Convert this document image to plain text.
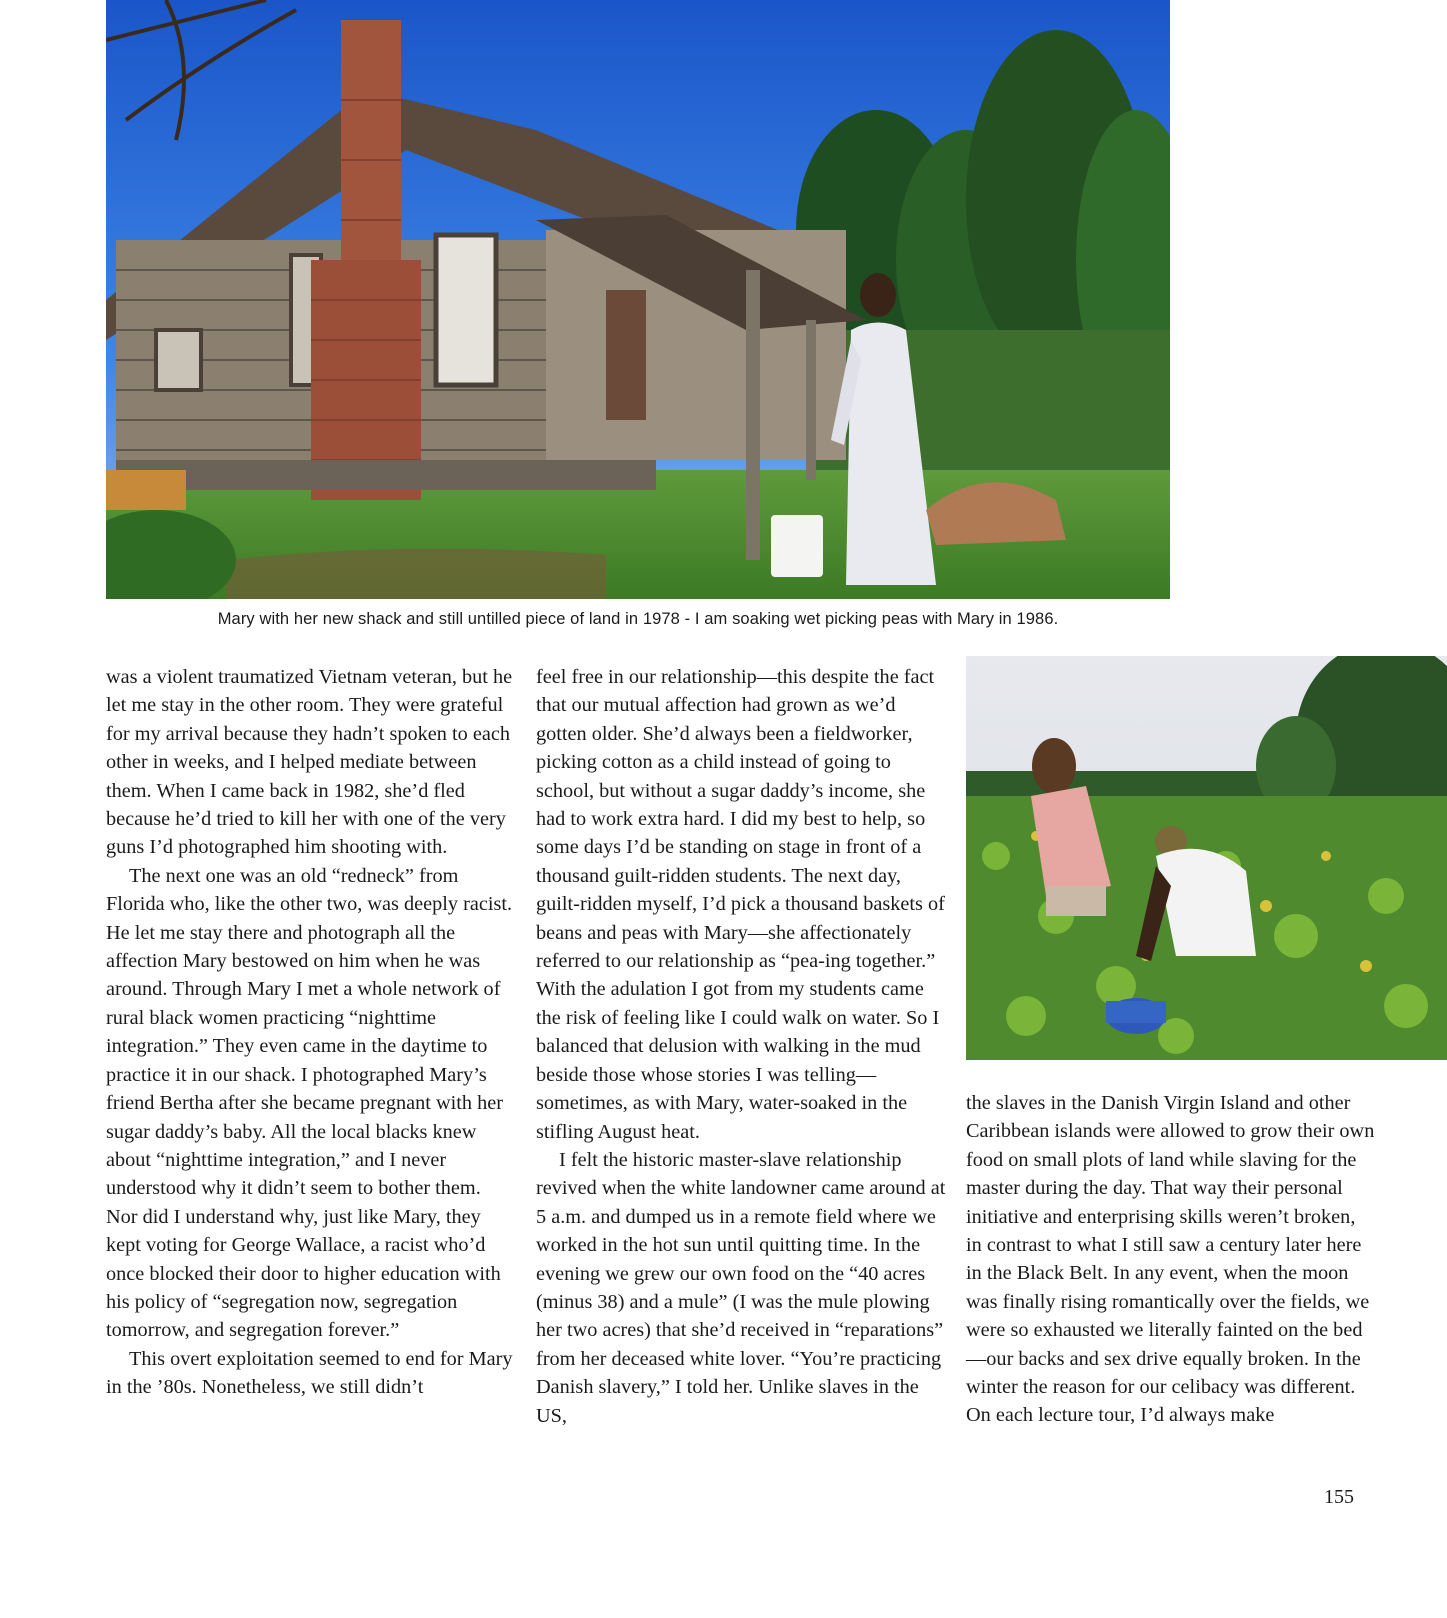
Mary with her new shack and still untilled piece of land in 1978 - I am soaking wet picking peas with Mary in 1986.

was a violent traumatized Vietnam veteran, but he let me stay in the other room. They were grateful for my arrival because they hadn’t spoken to each other in weeks, and I helped mediate between them. When I came back in 1982, she’d fled because he’d tried to kill her with one of the very guns I’d photographed him shooting with.

The next one was an old “redneck” from Florida who, like the other two, was deeply racist. He let me stay there and photograph all the affection Mary bestowed on him when he was around. Through Mary I met a whole network of rural black women practicing “nighttime integration.” They even came in the daytime to practice it in our shack. I photographed Mary’s friend Bertha after she became pregnant with her sugar daddy’s baby. All the local blacks knew about “nighttime integration,” and I never understood why it didn’t seem to bother them. Nor did I understand why, just like Mary, they kept voting for George Wallace, a racist who’d once blocked their door to higher education with his policy of “segregation now, segregation tomorrow, and segregation forever.”

This overt exploitation seemed to end for Mary in the ’80s. Nonetheless, we still didn’t

feel free in our relationship—this despite the fact that our mutual affection had grown as we’d gotten older. She’d always been a fieldworker, picking cotton as a child instead of going to school, but without a sugar daddy’s income, she had to work extra hard. I did my best to help, so some days I’d be standing on stage in front of a thousand guilt-ridden students. The next day, guilt-ridden myself, I’d pick a thousand baskets of beans and peas with Mary—she affectionately referred to our relationship as “pea-ing together.” With the adulation I got from my students came the risk of feeling like I could walk on water. So I balanced that delusion with walking in the mud beside those whose stories I was telling—sometimes, as with Mary, water-soaked in the stifling August heat.

I felt the historic master-slave relationship revived when the white landowner came around at 5 a.m. and dumped us in a remote field where we worked in the hot sun until quitting time. In the evening we grew our own food on the “40 acres (minus 38) and a mule” (I was the mule plowing her two acres) that she’d received in “reparations” from her deceased white lover. “You’re practicing Danish slavery,” I told her. Unlike slaves in the US,

the slaves in the Danish Virgin Island and other Caribbean islands were allowed to grow their own food on small plots of land while slaving for the master during the day. That way their personal initiative and enterprising skills weren’t broken, in contrast to what I still saw a century later here in the Black Belt. In any event, when the moon was finally rising romantically over the fields, we were so exhausted we literally fainted on the bed—our backs and sex drive equally broken. In the winter the reason for our celibacy was different. On each lecture tour, I’d always make

155
